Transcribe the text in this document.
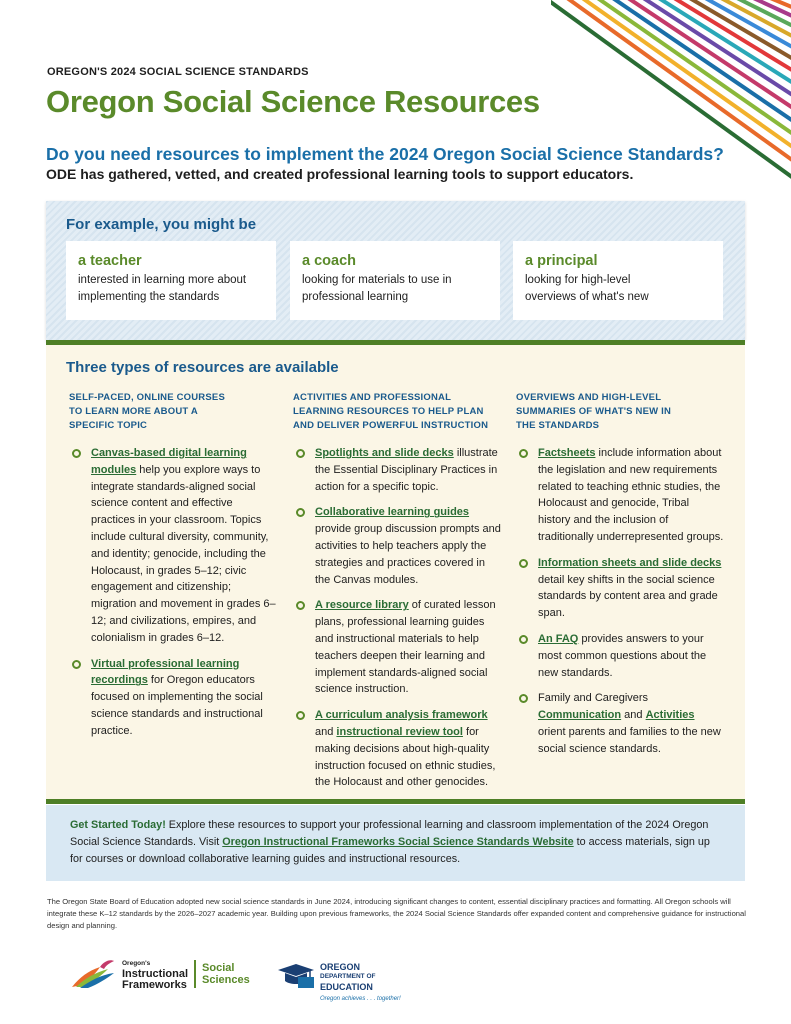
OREGON'S 2024 SOCIAL SCIENCE STANDARDS
Oregon Social Science Resources
Do you need resources to implement the 2024 Oregon Social Science Standards?
ODE has gathered, vetted, and created professional learning tools to support educators.
For example, you might be
a teacher
interested in learning more about
implementing the standards
a coach
looking for materials to use in
professional learning
a principal
looking for high-level
overviews of what's new
Three types of resources are available
SELF-PACED, ONLINE COURSES
TO LEARN MORE ABOUT A
SPECIFIC TOPIC
Canvas-based digital learning modules help you explore ways to integrate standards-aligned social science content and effective practices in your classroom. Topics include cultural diversity, community, and identity; genocide, including the Holocaust, in grades 5–12; civic engagement and citizenship; migration and movement in grades 6–12; and civilizations, empires, and colonialism in grades 6–12.
Virtual professional learning recordings for Oregon educators focused on implementing the social science standards and instructional practice.
ACTIVITIES AND PROFESSIONAL
LEARNING RESOURCES TO HELP PLAN
AND DELIVER POWERFUL INSTRUCTION
Spotlights and slide decks illustrate the Essential Disciplinary Practices in action for a specific topic.
Collaborative learning guides provide group discussion prompts and activities to help teachers apply the strategies and practices covered in the Canvas modules.
A resource library of curated lesson plans, professional learning guides and instructional materials to help teachers deepen their learning and implement standards-aligned social science instruction.
A curriculum analysis framework and instructional review tool for making decisions about high-quality instruction focused on ethnic studies, the Holocaust and other genocides.
OVERVIEWS AND HIGH-LEVEL
SUMMARIES OF WHAT'S NEW IN
THE STANDARDS
Factsheets include information about the legislation and new requirements related to teaching ethnic studies, the Holocaust and genocide, Tribal history and the inclusion of traditionally underrepresented groups.
Information sheets and slide decks detail key shifts in the social science standards by content area and grade span.
An FAQ provides answers to your most common questions about the new standards.
Family and Caregivers Communication and Activities orient parents and families to the new social science standards.
Get Started Today! Explore these resources to support your professional learning and classroom implementation of the 2024 Oregon Social Science Standards. Visit Oregon Instructional Frameworks Social Science Standards Website to access materials, sign up for courses or download collaborative learning guides and instructional resources.
The Oregon State Board of Education adopted new social science standards in June 2024, introducing significant changes to content, essential disciplinary practices and formatting. All Oregon schools will integrate these K–12 standards by the 2026–2027 academic year. Building upon previous frameworks, the 2024 Social Science Standards offer expanded content and comprehensive guidance for instructional design and planning.
Oregon's
Instructional
Frameworks
Social
Sciences
OREGON
DEPARTMENT OF
EDUCATION
Oregon achieves . . . together!
